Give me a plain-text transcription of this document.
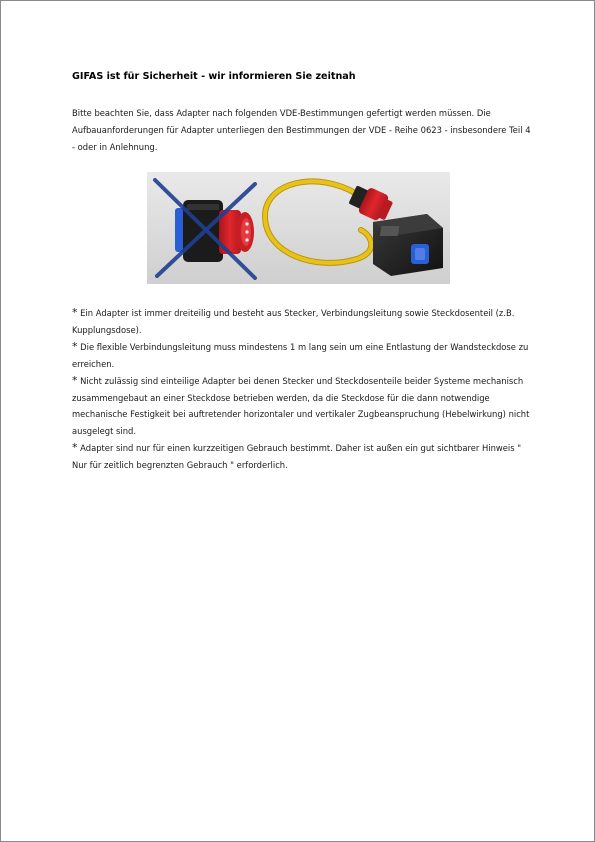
GIFAS ist für Sicherheit - wir informieren Sie zeitnah
Bitte beachten Sie, dass Adapter nach folgenden VDE-Bestimmungen gefertigt werden müssen. Die Aufbauanforderungen für Adapter unterliegen den Bestimmungen der VDE - Reihe 0623 - insbesondere Teil 4 - oder in Anlehnung.

* Ein Adapter ist immer dreiteilig und besteht aus Stecker, Verbindungsleitung sowie Steckdosenteil (z.B. Kupplungsdose).

* Die flexible Verbindungsleitung muss mindestens 1 m lang sein um eine Entlastung der Wandsteckdose zu erreichen.

* Nicht zulässig sind einteilige Adapter bei denen Stecker und Steckdosenteile beider Systeme mechanisch zusammengebaut an einer Steckdose betrieben werden, da die Steckdose für die dann notwendige mechanische Festigkeit bei auftretender horizontaler und vertikaler Zugbeanspruchung (Hebelwirkung) nicht ausgelegt sind.

* Adapter sind nur für einen kurzzeitigen Gebrauch bestimmt. Daher ist außen ein gut sichtbarer Hinweis " Nur für zeitlich begrenzten Gebrauch " erforderlich.
